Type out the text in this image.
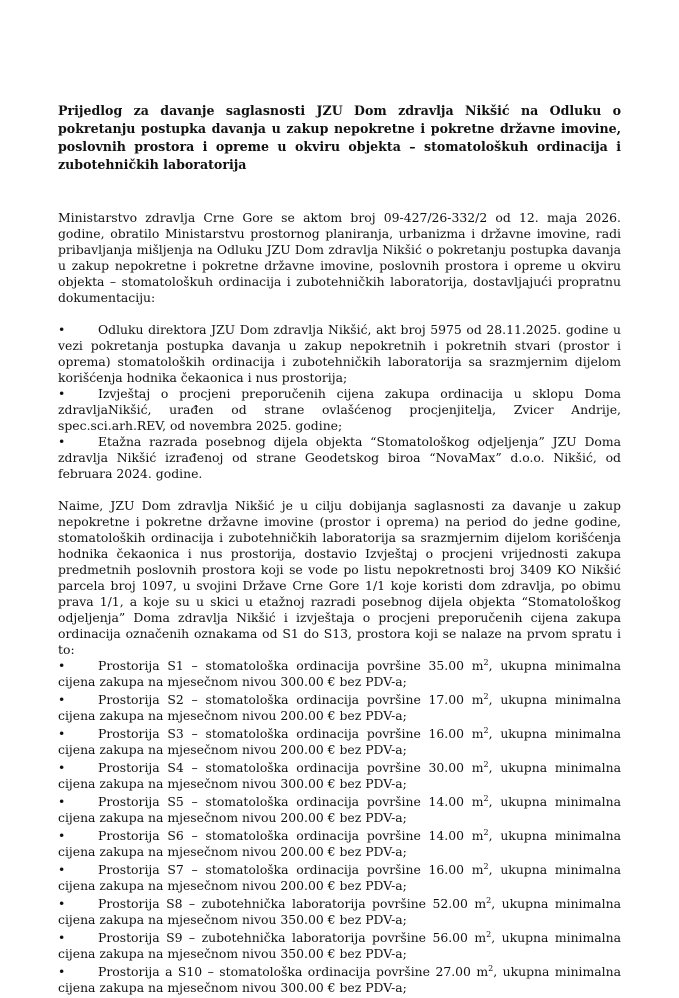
Prijedlog za davanje saglasnosti JZU Dom zdravlja Nikšić na Odluku o pokretanju postupka davanja u zakup nepokretne i pokretne državne imovine, poslovnih prostora i opreme u okviru objekta – stomatološkuh ordinacija i zubotehničkih laboratorija

Ministarstvo zdravlja Crne Gore se aktom broj 09-427/26-332/2 od 12. maja 2026. godine, obratilo Ministarstvu prostornog planiranja, urbanizma i državne imovine, radi pribavljanja mišljenja na Odluku JZU Dom zdravlja Nikšić o pokretanju postupka davanja u zakup nepokretne i pokretne državne imovine, poslovnih prostora i opreme u okviru objekta – stomatološkuh ordinacija i zubotehničkih laboratorija, dostavljajući propratnu dokumentaciju:

•	Odluku direktora JZU Dom zdravlja Nikšić, akt broj 5975 od 28.11.2025. godine u vezi pokretanja postupka davanja u zakup nepokretnih i pokretnih stvari (prostor i oprema) stomatoloških ordinacija i zubotehničkih laboratorija sa srazmjernim dijelom korišćenja hodnika čekaonica i nus prostorija;
•	Izvještaj o procjeni preporučenih cijena zakupa ordinacija u sklopu Doma zdravljaNikšić, urađen od strane ovlašćenog procjenjitelja, Zvicer Andrije, spec.sci.arh.REV, od novembra 2025. godine;
•	Etažna razrada posebnog dijela objekta “Stomatološkog odjeljenja” JZU Doma zdravlja Nikšić izrađenoj od strane Geodetskog biroa “NovaMax” d.o.o. Nikšić, od februara 2024. godine.

Naime, JZU Dom zdravlja Nikšić je u cilju dobijanja saglasnosti za davanje u zakup nepokretne i pokretne državne imovine (prostor i oprema) na period do jedne godine, stomatoloških ordinacija i zubotehničkih laboratorija sa srazmjernim dijelom korišćenja hodnika čekaonica i nus prostorija, dostavio Izvještaj o procjeni vrijednosti zakupa predmetnih poslovnih prostora koji se vode po listu nepokretnosti broj 3409 KO Nikšić parcela broj 1097, u svojini Države Crne Gore 1/1 koje koristi dom zdravlja, po obimu prava 1/1, a koje su u skici u etažnoj razradi posebnog dijela objekta “Stomatološkog odjeljenja” Doma zdravlja Nikšić i izvještaja o procjeni preporučenih cijena zakupa ordinacija označenih oznakama od S1 do S13, prostora koji se nalaze na prvom spratu i to:

•	Prostorija S1 – stomatološka ordinacija površine 35.00 $m^2$, ukupna minimalna cijena zakupa na mjesečnom nivou 300.00 € bez PDV-a;
•	Prostorija S2 – stomatološka ordinacija površine 17.00 $m^2$, ukupna minimalna cijena zakupa na mjesečnom nivou 200.00 € bez PDV-a;
•	Prostorija S3 – stomatološka ordinacija površine 16.00 $m^2$, ukupna minimalna cijena zakupa na mjesečnom nivou 200.00 € bez PDV-a;
•	Prostorija S4 – stomatološka ordinacija površine 30.00 $m^2$, ukupna minimalna cijena zakupa na mjesečnom nivou 300.00 € bez PDV-a;
•	Prostorija S5 – stomatološka ordinacija površine 14.00 $m^2$, ukupna minimalna cijena zakupa na mjesečnom nivou 200.00 € bez PDV-a;
•	Prostorija S6 – stomatološka ordinacija površine 14.00 $m^2$, ukupna minimalna cijena zakupa na mjesečnom nivou 200.00 € bez PDV-a;
•	Prostorija S7 – stomatološka ordinacija površine 16.00 $m^2$, ukupna minimalna cijena zakupa na mjesečnom nivou 200.00 € bez PDV-a;
•	Prostorija S8 – zubotehnička laboratorija površine 52.00 $m^2$, ukupna minimalna cijena zakupa na mjesečnom nivou 350.00 € bez PDV-a;
•	Prostorija S9 – zubotehnička laboratorija površine 56.00 $m^2$, ukupna minimalna cijena zakupa na mjesečnom nivou 350.00 € bez PDV-a;
•	Prostorija a S10 – stomatološka ordinacija površine 27.00 $m^2$, ukupna minimalna cijena zakupa na mjesečnom nivou 300.00 € bez PDV-a;
